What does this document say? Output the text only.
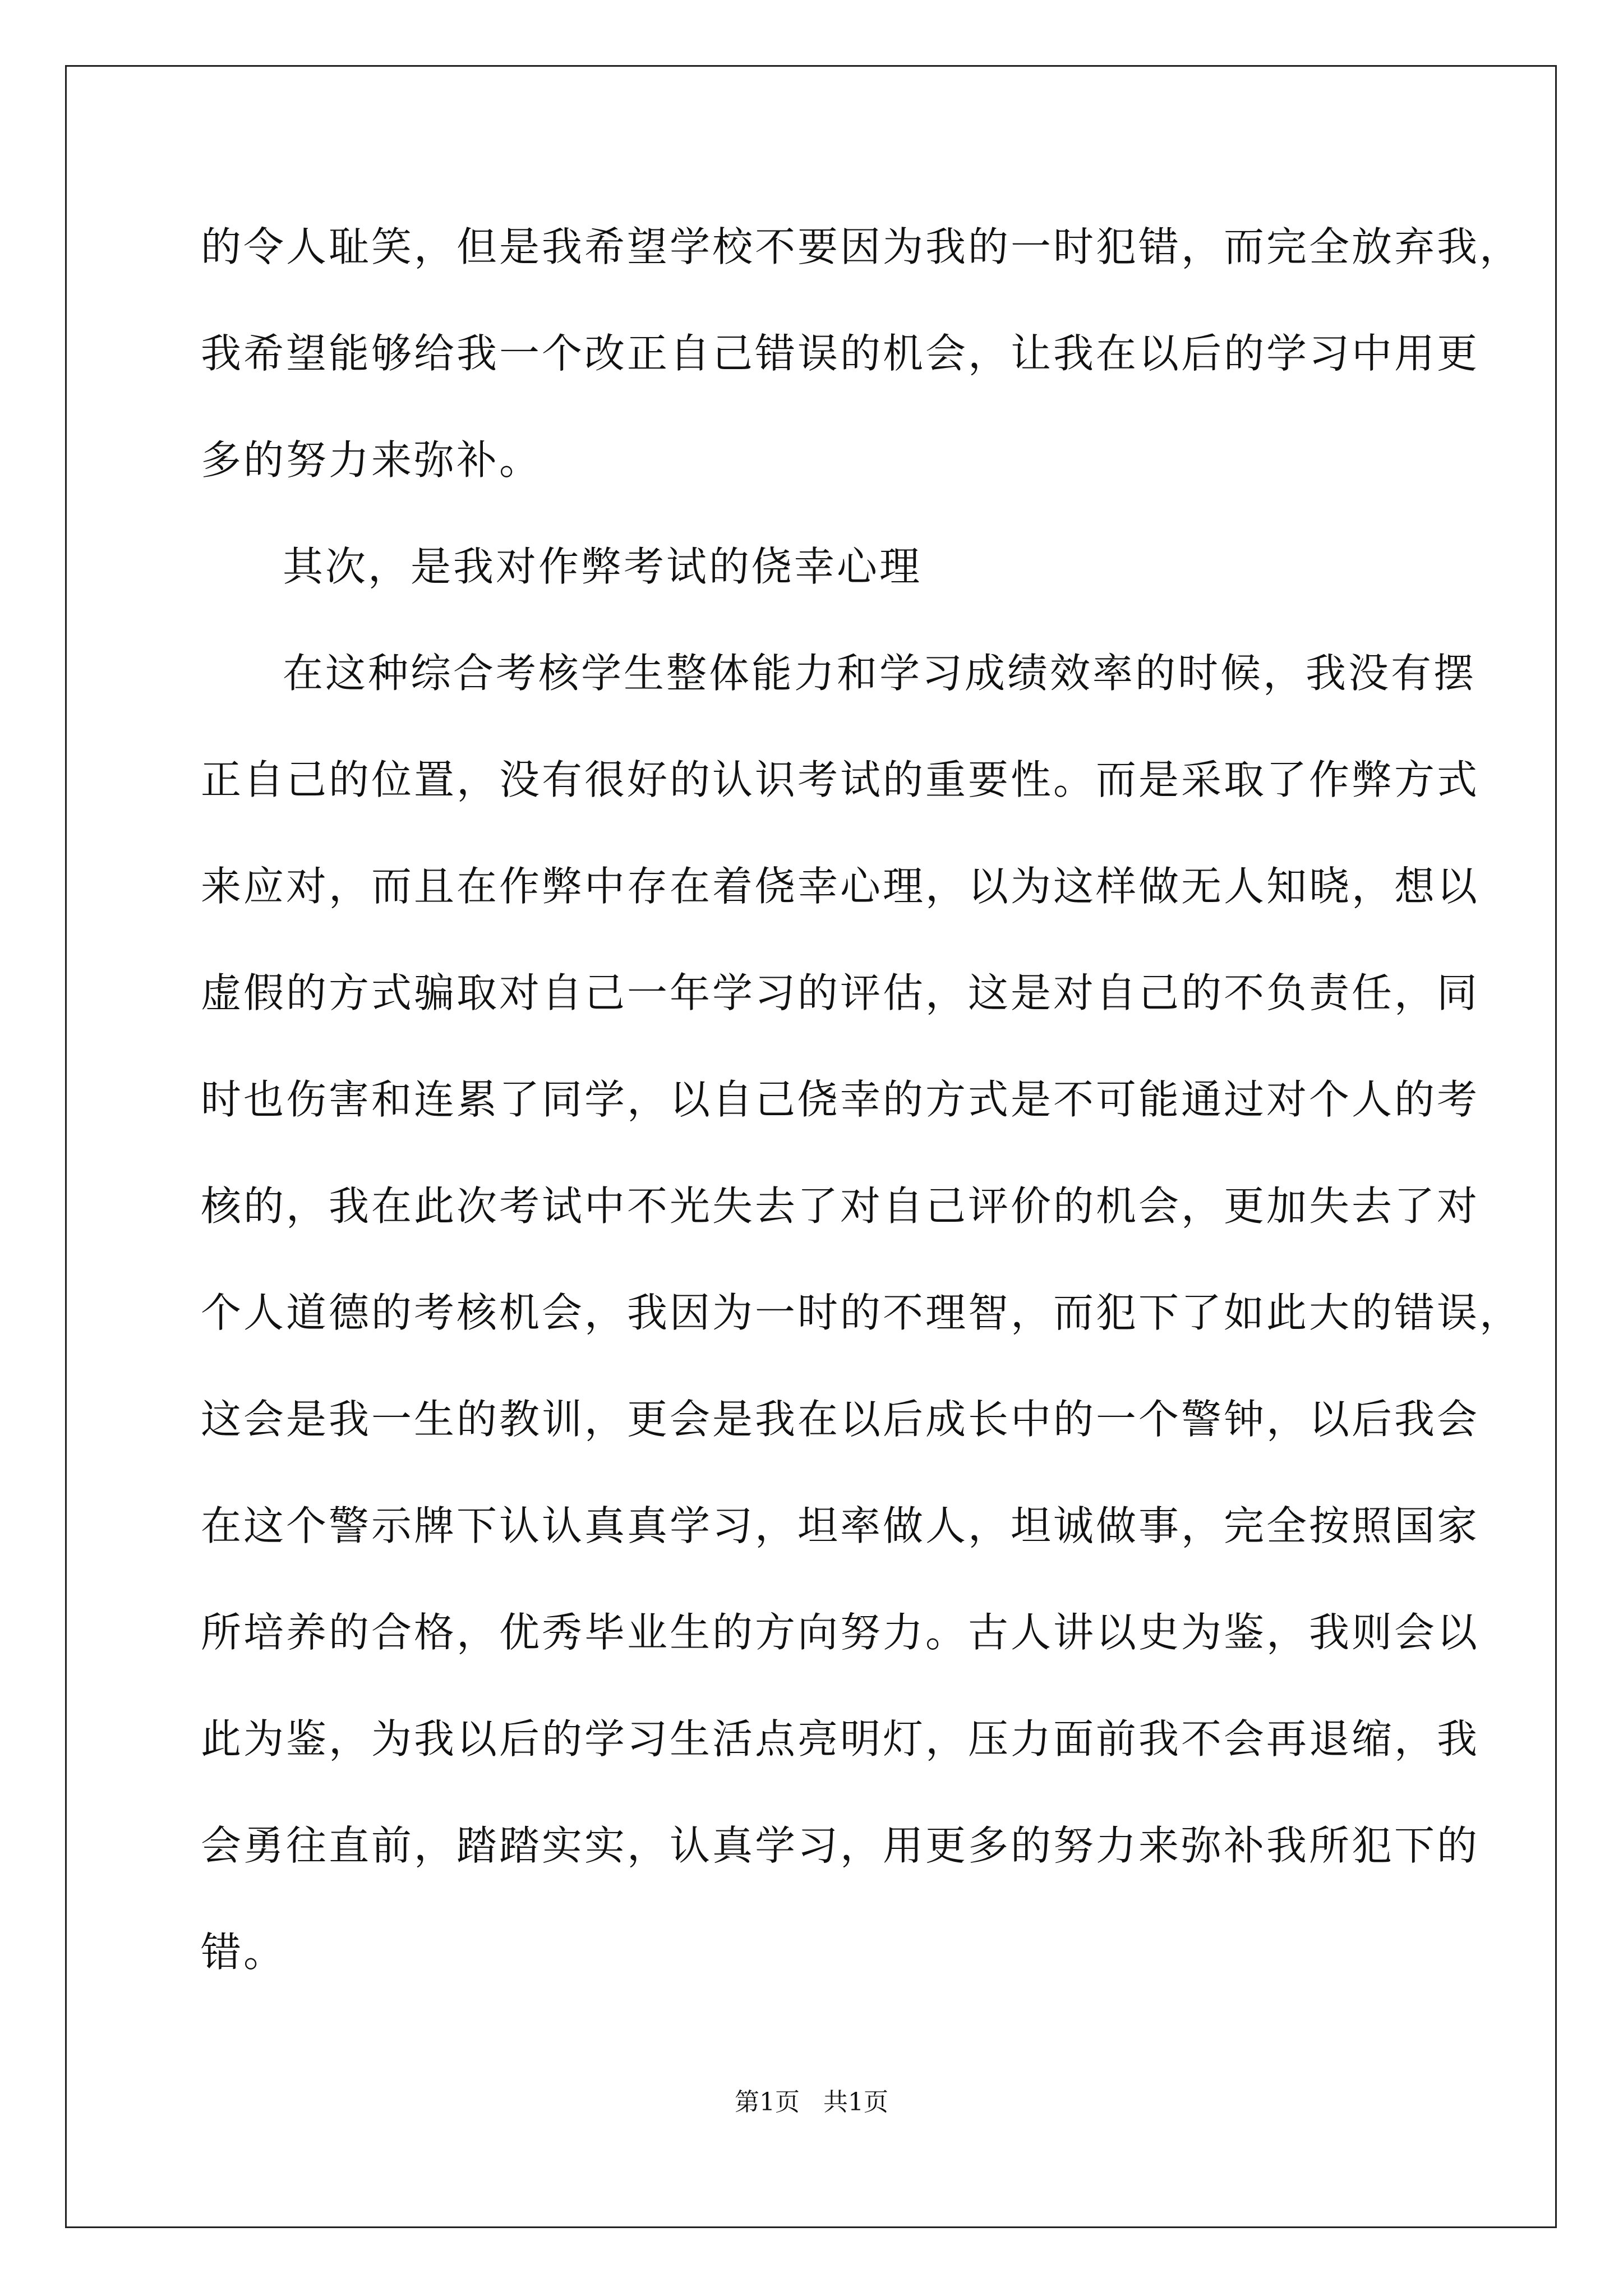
的令人耻笑，但是我希望学校不要因为我的一时犯错，而完全放弃我，
我希望能够给我一个改正自己错误的机会，让我在以后的学习中用更
多的努力来弥补。
其次，是我对作弊考试的侥幸心理
在这种综合考核学生整体能力和学习成绩效率的时候，我没有摆
正自己的位置，没有很好的认识考试的重要性。而是采取了作弊方式
来应对，而且在作弊中存在着侥幸心理，以为这样做无人知晓，想以
虚假的方式骗取对自己一年学习的评估，这是对自己的不负责任，同
时也伤害和连累了同学，以自己侥幸的方式是不可能通过对个人的考
核的，我在此次考试中不光失去了对自己评价的机会，更加失去了对
个人道德的考核机会，我因为一时的不理智，而犯下了如此大的错误，
这会是我一生的教训，更会是我在以后成长中的一个警钟，以后我会
在这个警示牌下认认真真学习，坦率做人，坦诚做事，完全按照国家
所培养的合格，优秀毕业生的方向努力。古人讲以史为鉴，我则会以
此为鉴，为我以后的学习生活点亮明灯，压力面前我不会再退缩，我
会勇往直前，踏踏实实，认真学习，用更多的努力来弥补我所犯下的
错。
第1页   共1页
